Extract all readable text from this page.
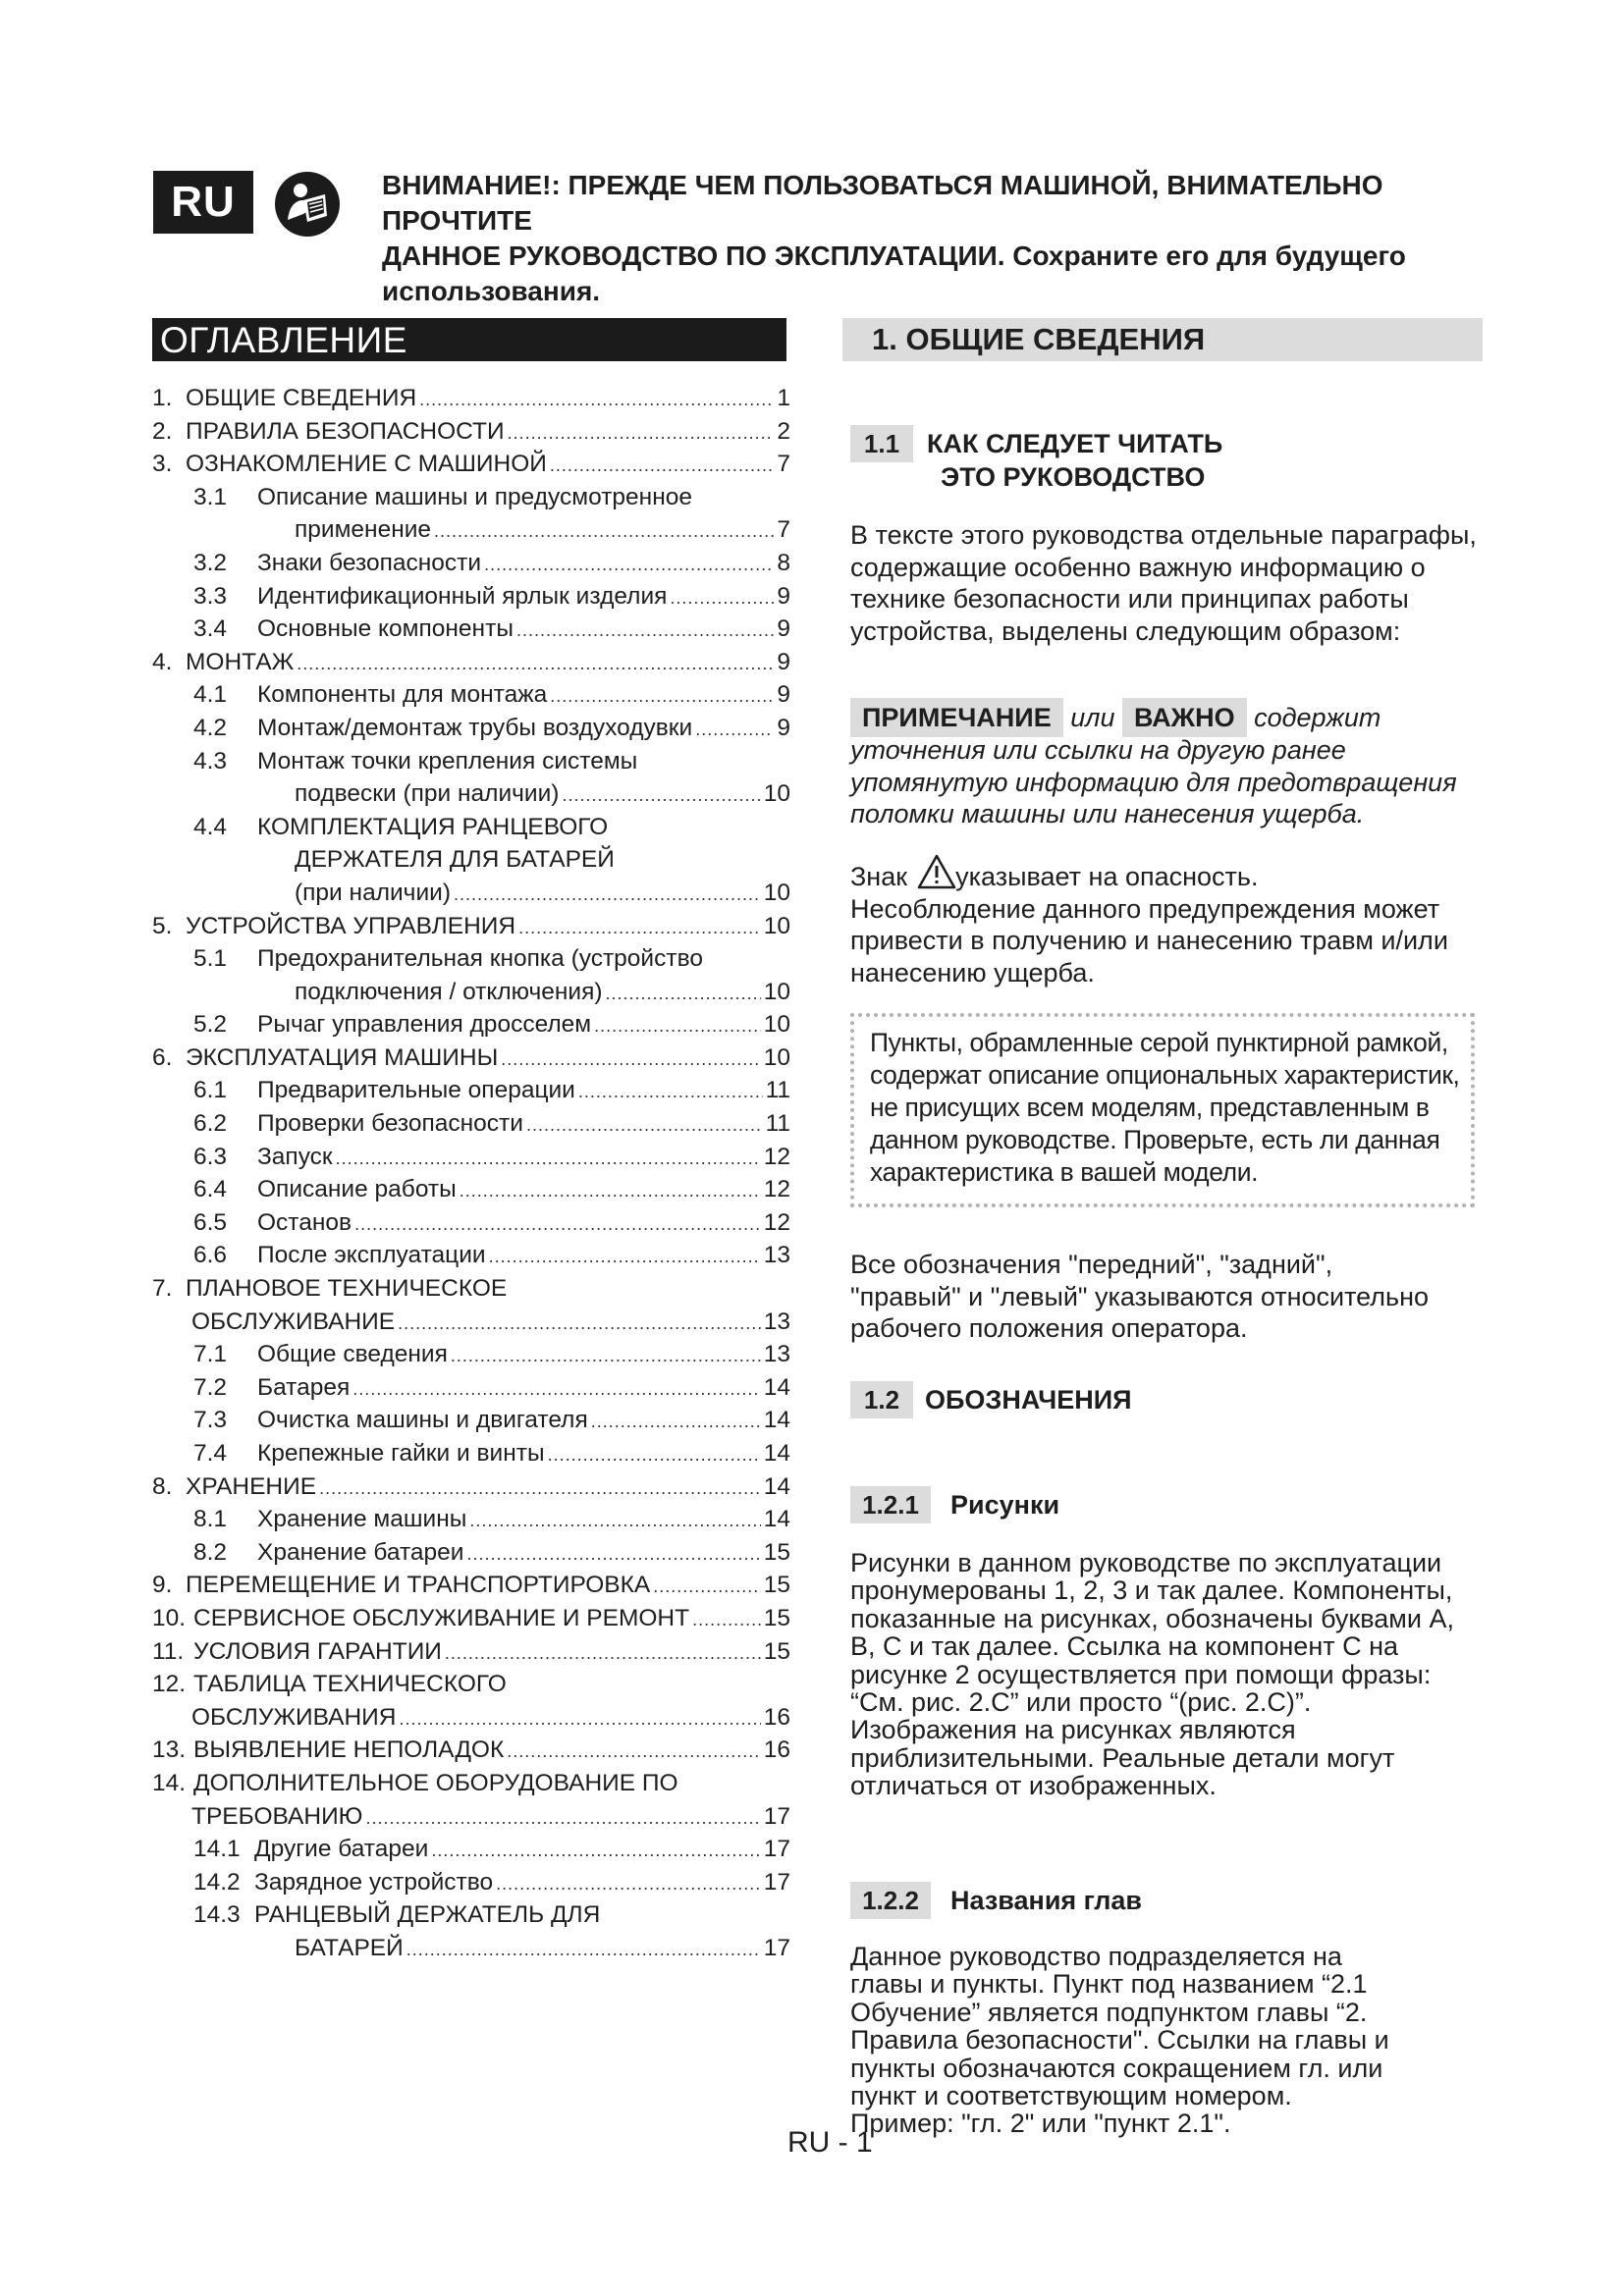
RU	ВНИМАНИЕ!: ПРЕЖДЕ ЧЕМ ПОЛЬЗОВАТЬСЯ МАШИНОЙ, ВНИМАТЕЛЬНО ПРОЧТИТЕ
ДАННОЕ РУКОВОДСТВО ПО ЭКСПЛУАТАЦИИ. Сохраните его для будущего использования.
ОГЛАВЛЕНИЕ
1. ОБЩИЕ СВЕДЕНИЯ .....	1
2. ПРАВИЛА БЕЗОПАСНОСТИ .....	2
3. ОЗНАКОМЛЕНИЕ С МАШИНОЙ .....	7
3.1	Описание машины и предусмотренное
применение .....	7
3.2	Знаки безопасности .....	8
3.3	Идентификационный ярлык изделия .....	9
3.4	Основные компоненты .....	9
4. МОНТАЖ .....	9
4.1	Компоненты для монтажа .....	9
4.2	Монтаж/демонтаж трубы воздуходувки .....	9
4.3	Монтаж точки крепления системы
подвески (при наличии) .....	10
4.4	КОМПЛЕКТАЦИЯ РАНЦЕВОГО
ДЕРЖАТЕЛЯ ДЛЯ БАТАРЕЙ
(при наличии) .....	10
5. УСТРОЙСТВА УПРАВЛЕНИЯ .....	10
5.1	Предохранительная кнопка (устройство
подключения / отключения) .....	10
5.2	Рычаг управления дросселем .....	10
6. ЭКСПЛУАТАЦИЯ МАШИНЫ .....	10
6.1	Предварительные операции .....	11
6.2	Проверки безопасности .....	11
6.3	Запуск .....	12
6.4	Описание работы .....	12
6.5	Останов .....	12
6.6	После эксплуатации .....	13
7. ПЛАНОВОЕ ТЕХНИЧЕСКОЕ
ОБСЛУЖИВАНИЕ .....	13
7.1	Общие сведения .....	13
7.2	Батарея .....	14
7.3	Очистка машины и двигателя .....	14
7.4	Крепежные гайки и винты .....	14
8. ХРАНЕНИЕ .....	14
8.1	Хранение машины .....	14
8.2	Хранение батареи .....	15
9. ПЕРЕМЕЩЕНИЕ И ТРАНСПОРТИРОВКА .....	15
10. СЕРВИСНОЕ ОБСЛУЖИВАНИЕ И РЕМОНТ .....	15
11. УСЛОВИЯ ГАРАНТИИ .....	15
12. ТАБЛИЦА ТЕХНИЧЕСКОГО
ОБСЛУЖИВАНИЯ .....	16
13. ВЫЯВЛЕНИЕ НЕПОЛАДОК .....	16
14. ДОПОЛНИТЕЛЬНОЕ ОБОРУДОВАНИЕ ПО
ТРЕБОВАНИЮ .....	17
14.1 Другие батареи .....	17
14.2 Зарядное устройство .....	17
14.3 РАНЦЕВЫЙ ДЕРЖАТЕЛЬ ДЛЯ
БАТАРЕЙ .....	17
1. ОБЩИЕ СВЕДЕНИЯ
1.1	КАК СЛЕДУЕТ ЧИТАТЬ
ЭТО РУКОВОДСТВО
В тексте этого руководства отдельные параграфы, содержащие особенно важную информацию о технике безопасности или принципах работы устройства, выделены следующим образом:
ПРИМЕЧАНИЕ или ВАЖНО содержит
уточнения или ссылки на другую ранее упомянутую информацию для предотвращения поломки машины или нанесения ущерба.
Знак указывает на опасность.
Несоблюдение данного предупреждения может привести в получению и нанесению травм и/или нанесению ущерба.
Пункты, обрамленные серой пунктирной рамкой, содержат описание опциональных характеристик, не присущих всем моделям, представленным в данном руководстве. Проверьте, есть ли данная характеристика в вашей модели.
Все обозначения "передний", "задний", "правый" и "левый" указываются относительно рабочего положения оператора.
1.2 ОБОЗНАЧЕНИЯ
1.2.1	Рисунки
Рисунки в данном руководстве по эксплуатации пронумерованы 1, 2, 3 и так далее. Компоненты, показанные на рисунках, обозначены буквами A, B, C и так далее. Ссылка на компонент C на рисунке 2 осуществляется при помощи фразы: “См. рис. 2.C” или просто “(рис. 2.C)”. Изображения на рисунках являются приблизительными. Реальные детали могут отличаться от изображенных.
1.2.2	Названия глав
Данное руководство подразделяется на главы и пункты. Пункт под названием “2.1 Обучение” является подпунктом главы “2. Правила безопасности". Ссылки на главы и пункты обозначаются сокращением гл. или пункт и соответствующим номером. Пример: "гл. 2" или "пункт 2.1".
RU - 1
